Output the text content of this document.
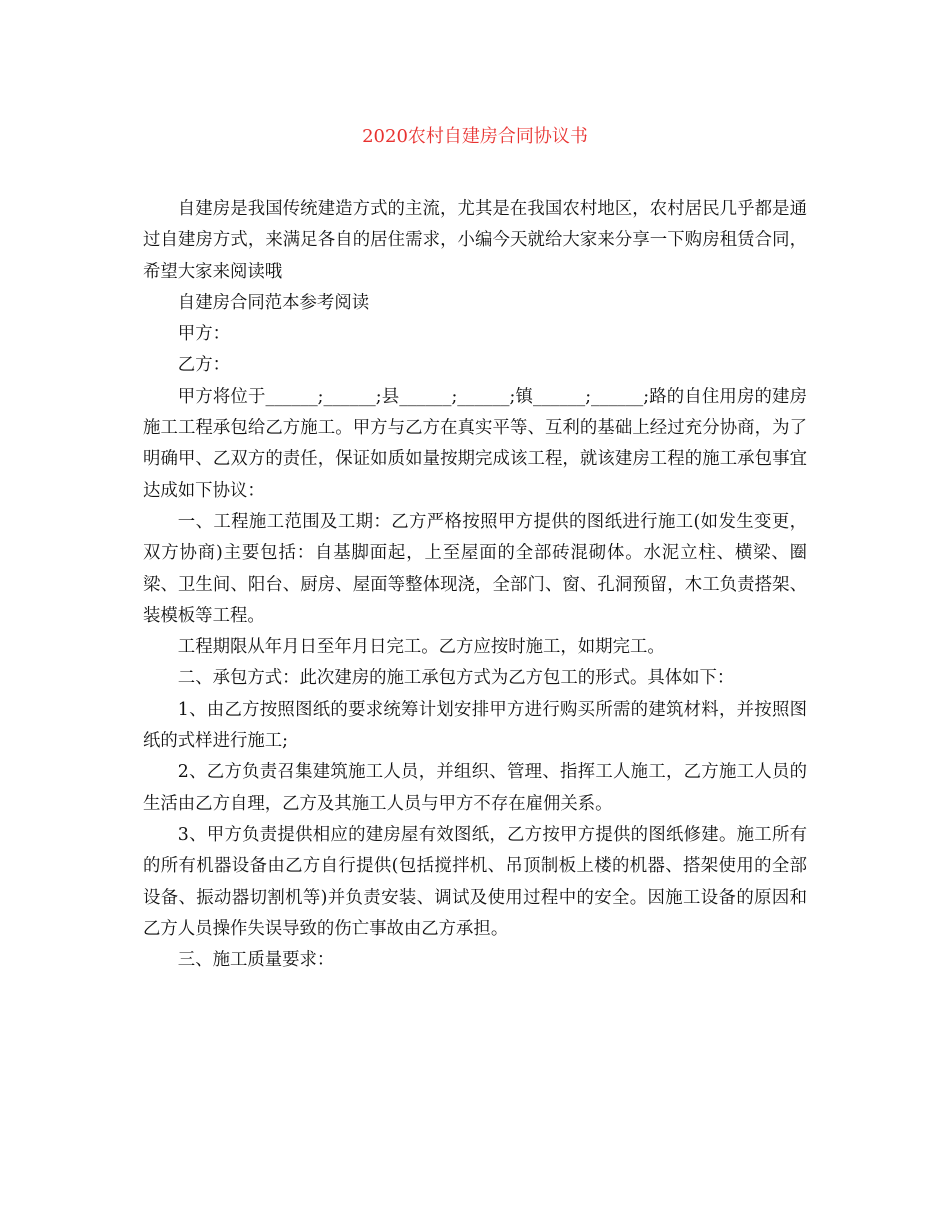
2020农村自建房合同协议书

自建房是我国传统建造方式的主流，尤其是在我国农村地区，农村居民几乎都是通过自建房方式，来满足各自的居住需求，小编今天就给大家来分享一下购房租赁合同，希望大家来阅读哦

自建房合同范本参考阅读

甲方：

乙方：

甲方将位于______;______;县______;______;镇______;______;路的自住用房的建房施工工程承包给乙方施工。甲方与乙方在真实平等、互利的基础上经过充分协商，为了明确甲、乙双方的责任，保证如质如量按期完成该工程，就该建房工程的施工承包事宜达成如下协议：

一、工程施工范围及工期：乙方严格按照甲方提供的图纸进行施工(如发生变更，双方协商)主要包括：自基脚面起，上至屋面的全部砖混砌体。水泥立柱、横梁、圈梁、卫生间、阳台、厨房、屋面等整体现浇，全部门、窗、孔洞预留，木工负责搭架、装模板等工程。

工程期限从年月日至年月日完工。乙方应按时施工，如期完工。

二、承包方式：此次建房的施工承包方式为乙方包工的形式。具体如下：

1、由乙方按照图纸的要求统筹计划安排甲方进行购买所需的建筑材料，并按照图纸的式样进行施工;

2、乙方负责召集建筑施工人员，并组织、管理、指挥工人施工，乙方施工人员的生活由乙方自理，乙方及其施工人员与甲方不存在雇佣关系。

3、甲方负责提供相应的建房屋有效图纸，乙方按甲方提供的图纸修建。施工所有的所有机器设备由乙方自行提供(包括搅拌机、吊顶制板上楼的机器、搭架使用的全部设备、振动器切割机等)并负责安装、调试及使用过程中的安全。因施工设备的原因和乙方人员操作失误导致的伤亡事故由乙方承担。

三、施工质量要求：
